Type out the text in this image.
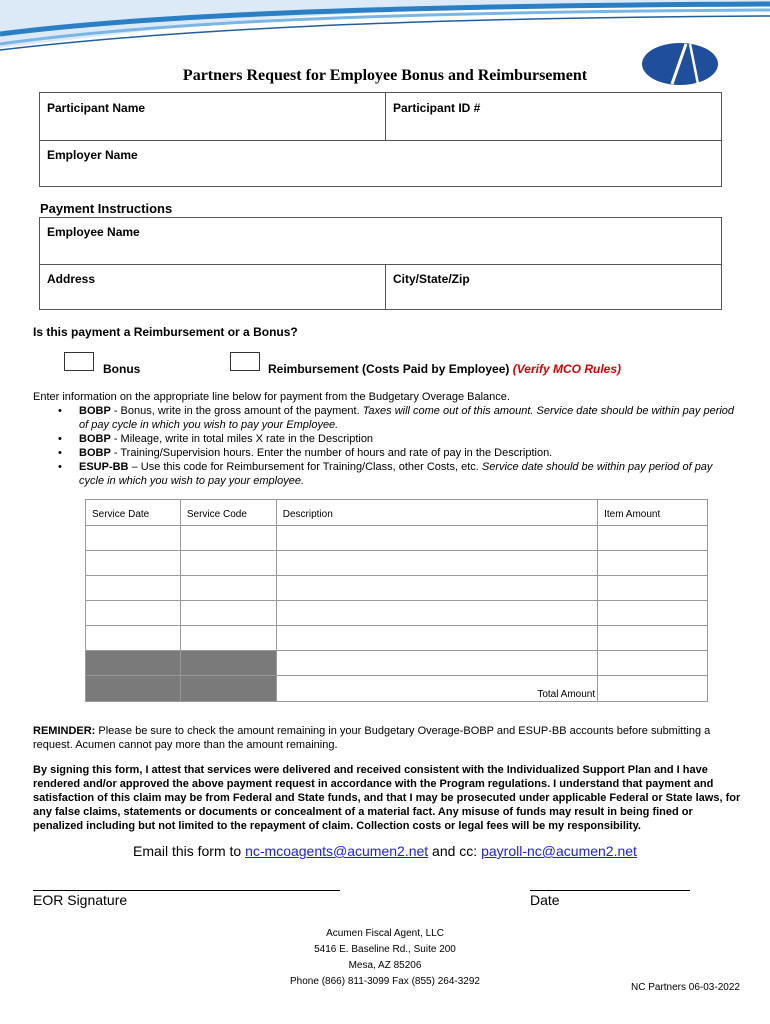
Partners Request for Employee Bonus and Reimbursement
Participant Name	Participant ID #
Employer Name
Payment Instructions
Employee Name
Address	City/State/Zip
Is this payment a Reimbursement or a Bonus?
Bonus	Reimbursement (Costs Paid by Employee) (Verify MCO Rules)
Enter information on the appropriate line below for payment from the Budgetary Overage Balance.
• BOBP - Bonus, write in the gross amount of the payment. Taxes will come out of this amount. Service date should be within pay period of pay cycle in which you wish to pay your Employee.
• BOBP - Mileage, write in total miles X rate in the Description
• BOBP - Training/Supervision hours. Enter the number of hours and rate of pay in the Description.
• ESUP-BB – Use this code for Reimbursement for Training/Class, other Costs, etc. Service date should be within pay period of pay cycle in which you wish to pay your employee.
Service Date	Service Code	Description	Item Amount

		Total Amount	
REMINDER: Please be sure to check the amount remaining in your Budgetary Overage-BOBP and ESUP-BB accounts before submitting a request. Acumen cannot pay more than the amount remaining.
By signing this form, I attest that services were delivered and received consistent with the Individualized Support Plan and I have rendered and/or approved the above payment request in accordance with the Program regulations. I understand that payment and satisfaction of this claim may be from Federal and State funds, and that I may be prosecuted under applicable Federal or State laws, for any false claims, statements or documents or concealment of a material fact. Any misuse of funds may result in being fined or penalized including but not limited to the repayment of claim. Collection costs or legal fees will be my responsibility.
Email this form to nc-mcoagents@acumen2.net and cc: payroll-nc@acumen2.net
EOR Signature	Date
Acumen Fiscal Agent, LLC
5416 E. Baseline Rd., Suite 200
Mesa, AZ 85206
Phone (866) 811-3099 Fax (855) 264-3292
NC Partners 06-03-2022
